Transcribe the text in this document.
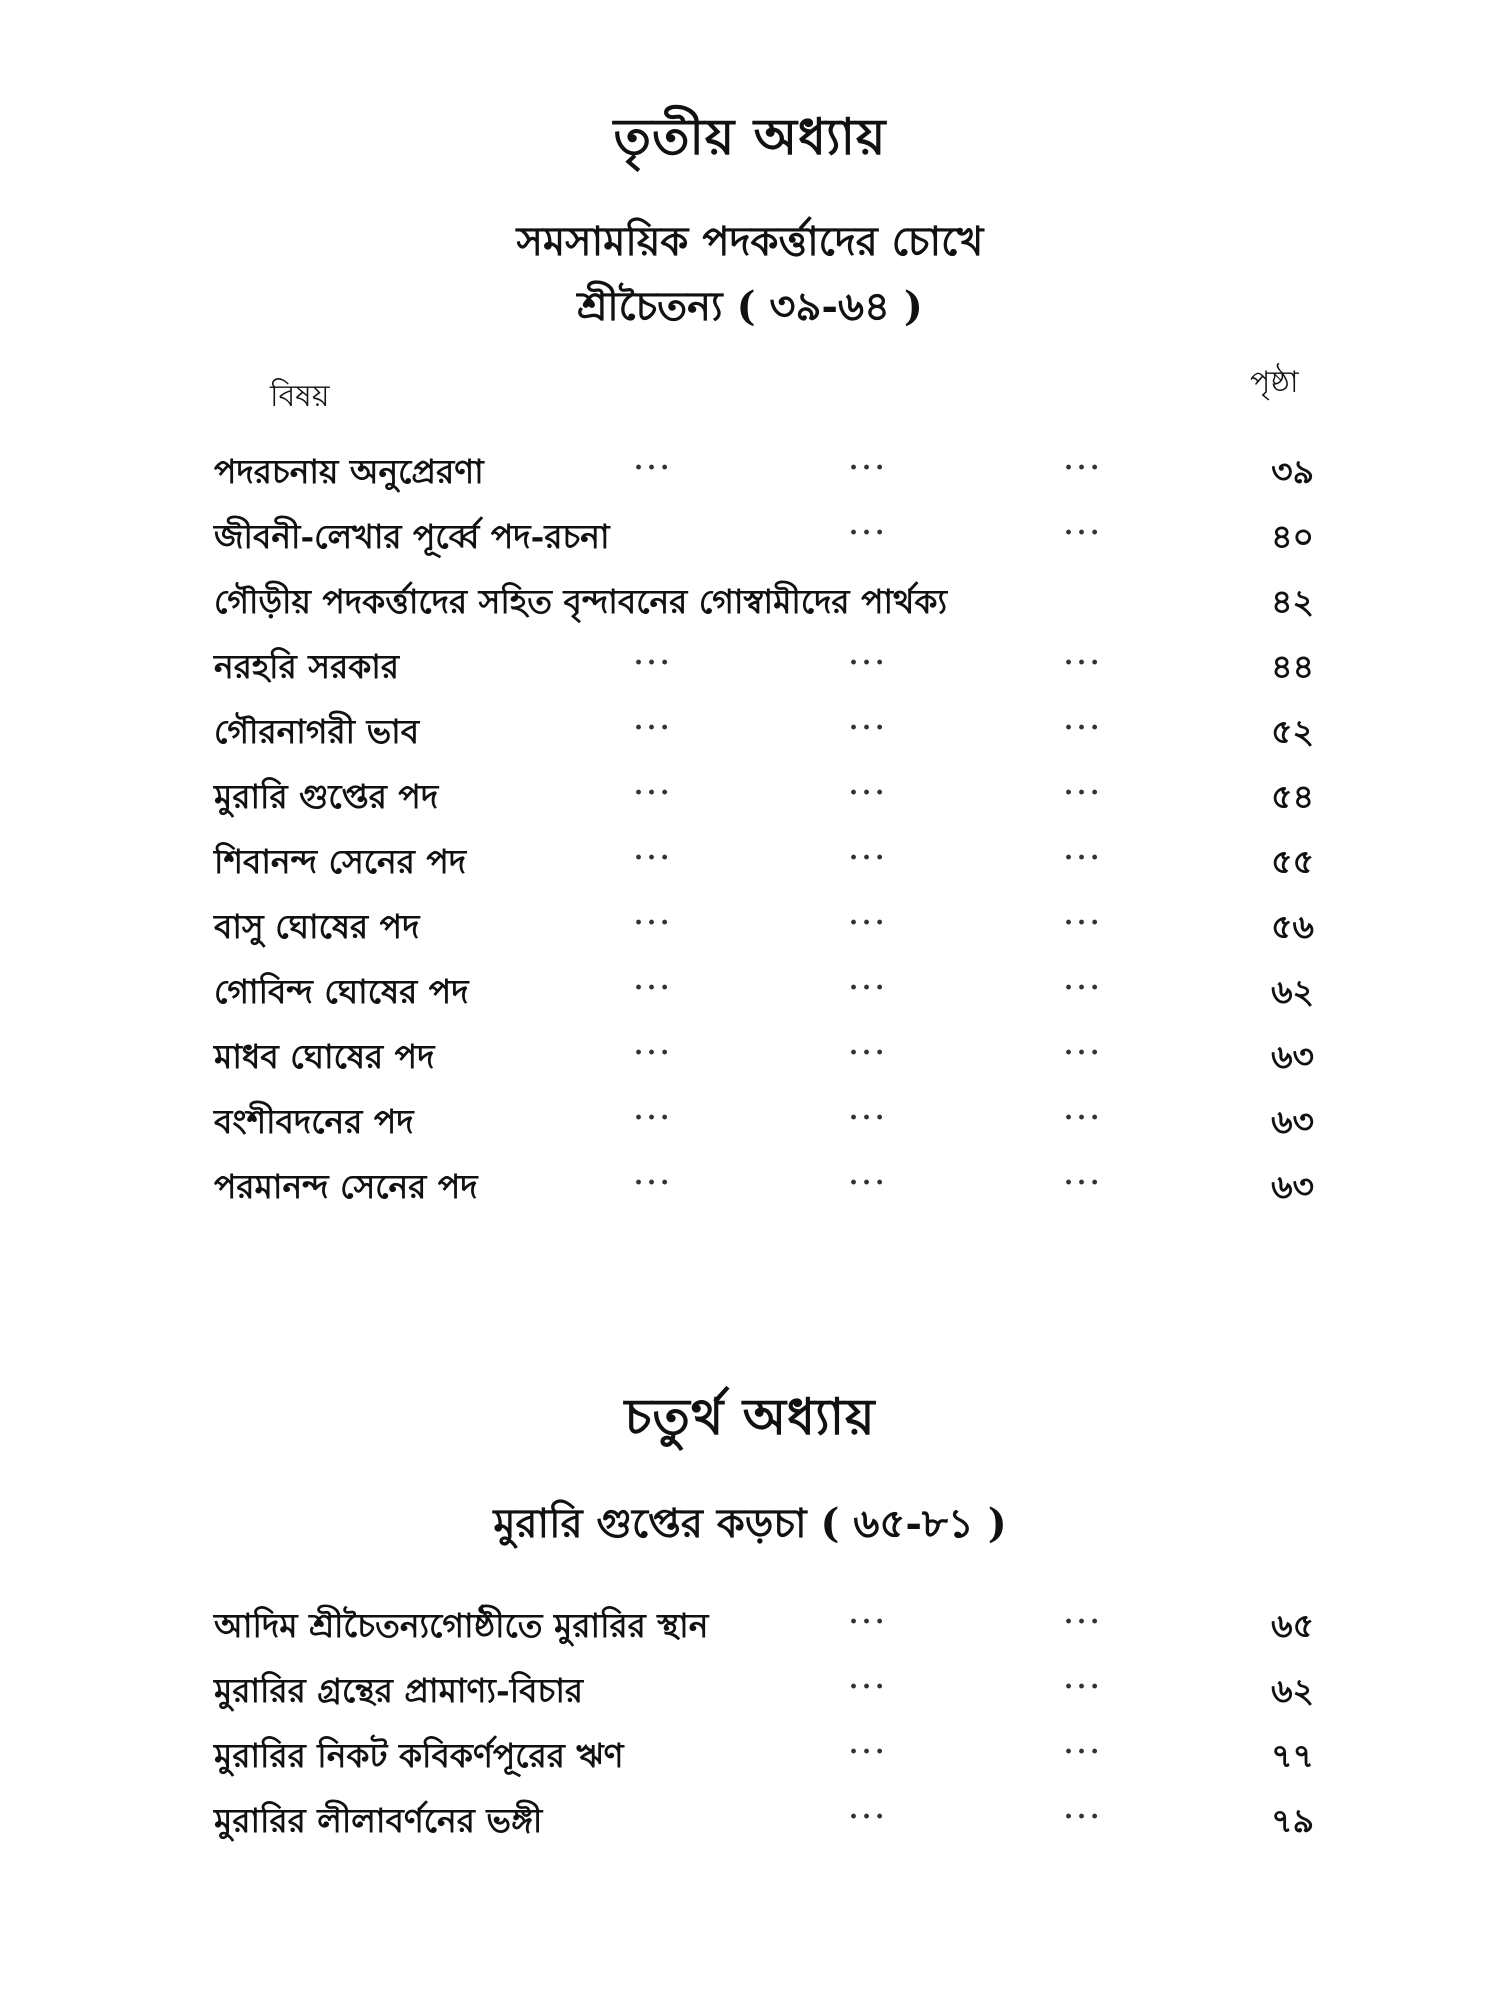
তৃতীয় অধ্যায়
সমসাময়িক পদকর্ত্তাদের চোখে
শ্রীচৈতন্য ( ৩৯-৬৪ )
বিষয়	পৃষ্ঠা
পদরচনায় অনুপ্রেরণা	...	...	...	৩৯
জীবনী-লেখার পূর্ব্বে পদ-রচনা	...	...	৪০
গৌড়ীয় পদকর্ত্তাদের সহিত বৃন্দাবনের গোস্বামীদের পার্থক্য	৪২
নরহরি সরকার	...	...	...	৪৪
গৌরনাগরী ভাব	...	...	...	৫২
মুরারি গুপ্তের পদ	...	...	...	৫৪
শিবানন্দ সেনের পদ	...	...	...	৫৫
বাসু ঘোষের পদ	...	...	...	৫৬
গোবিন্দ ঘোষের পদ	...	...	...	৬২
মাধব ঘোষের পদ	...	...	...	৬৩
বংশীবদনের পদ	...	...	...	৬৩
পরমানন্দ সেনের পদ	...	...	...	৬৩
চতুর্থ অধ্যায়
মুরারি গুপ্তের কড়চা ( ৬৫-৮১ )
আদিম শ্রীচৈতন্যগোষ্ঠীতে মুরারির স্থান	...	...	৬৫
মুরারির গ্রন্থের প্রামাণ্য-বিচার	...	...	৬২
মুরারির নিকট কবিকর্ণপূরের ঋণ	...	...	৭৭
মুরারির লীলাবর্ণনের ভঙ্গী	...	...	৭৯
